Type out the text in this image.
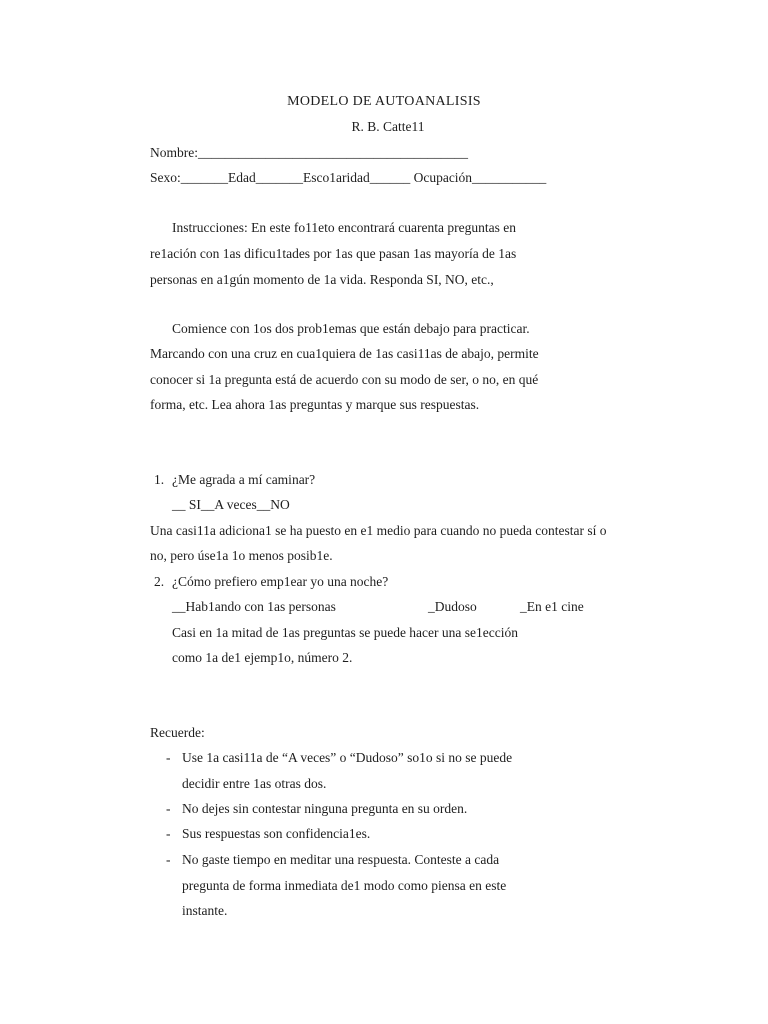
MODELO DE AUTOANALISIS
R. B. Catte11
Nombre:________________________________________
Sexo:_______Edad_______Esco1aridad______ Ocupación___________
Instrucciones: En este fo11eto encontrará cuarenta preguntas en
re1ación con 1as dificu1tades por 1as que pasan 1as mayoría de 1as
personas en a1gún momento de 1a vida. Responda SI, NO, etc.,
Comience con 1os dos prob1emas que están debajo para practicar.
Marcando con una cruz en cua1quiera de 1as casi11as de abajo, permite
conocer si 1a pregunta está de acuerdo con su modo de ser, o no, en qué
forma, etc. Lea ahora 1as preguntas y marque sus respuestas.
1. ¿Me agrada a mí caminar?
__ SI__A veces__NO
Una casi11a adiciona1 se ha puesto en e1 medio para cuando no pueda contestar sí o
no, pero úse1a 1o menos posib1e.
2. ¿Cómo prefiero emp1ear yo una noche?
__Hab1ando con 1as personas	_Dudoso	_En e1 cine
Casi en 1a mitad de 1as preguntas se puede hacer una se1ección
como 1a de1 ejemp1o, número 2.
Recuerde:
- Use 1a casi11a de “A veces” o “Dudoso” so1o si no se puede
decidir entre 1as otras dos.
- No dejes sin contestar ninguna pregunta en su orden.
- Sus respuestas son confidencia1es.
- No gaste tiempo en meditar una respuesta. Conteste a cada
pregunta de forma inmediata de1 modo como piensa en este
instante.
